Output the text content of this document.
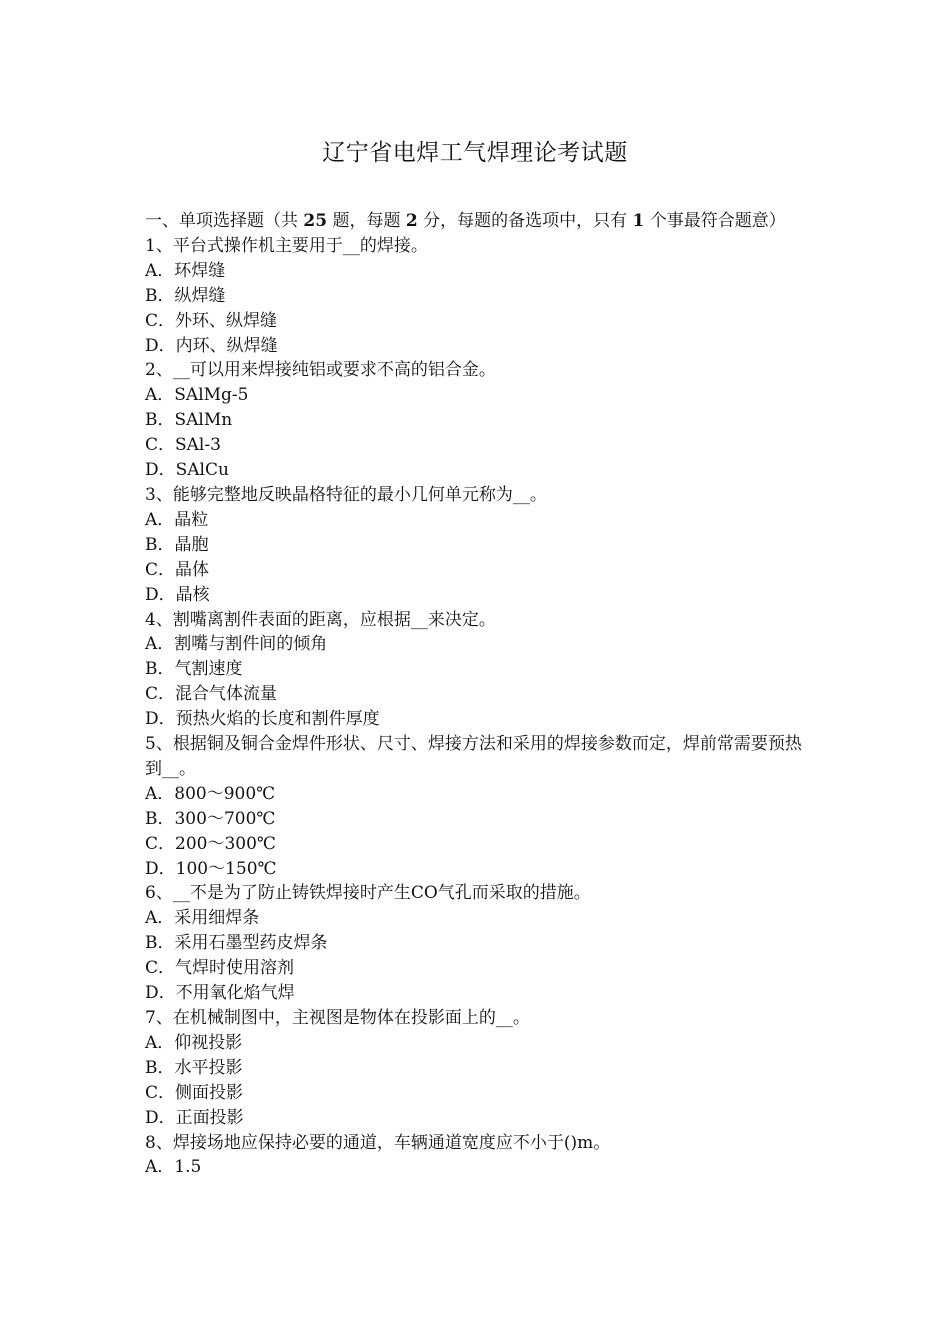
辽宁省电焊工气焊理论考试题
一、单项选择题（共 25 题，每题 2 分，每题的备选项中，只有 1 个事最符合题意）
1、平台式操作机主要用于__的焊接。
A．环焊缝
B．纵焊缝
C．外环、纵焊缝
D．内环、纵焊缝
2、__可以用来焊接纯铝或要求不高的铝合金。
A．SAlMg-5
B．SAlMn
C．SAl-3
D．SAlCu
3、能够完整地反映晶格特征的最小几何单元称为__。
A．晶粒
B．晶胞
C．晶体
D．晶核
4、割嘴离割件表面的距离，应根据__来决定。
A．割嘴与割件间的倾角
B．气割速度
C．混合气体流量
D．预热火焰的长度和割件厚度
5、根据铜及铜合金焊件形状、尺寸、焊接方法和采用的焊接参数而定，焊前常需要预热到__。
A．800～900℃
B．300～700℃
C．200～300℃
D．100～150℃
6、__不是为了防止铸铁焊接时产生CO气孔而采取的措施。
A．采用细焊条
B．采用石墨型药皮焊条
C．气焊时使用溶剂
D．不用氧化焰气焊
7、在机械制图中，主视图是物体在投影面上的__。
A．仰视投影
B．水平投影
C．侧面投影
D．正面投影
8、焊接场地应保持必要的通道，车辆通道宽度应不小于()m。
A．1.5
